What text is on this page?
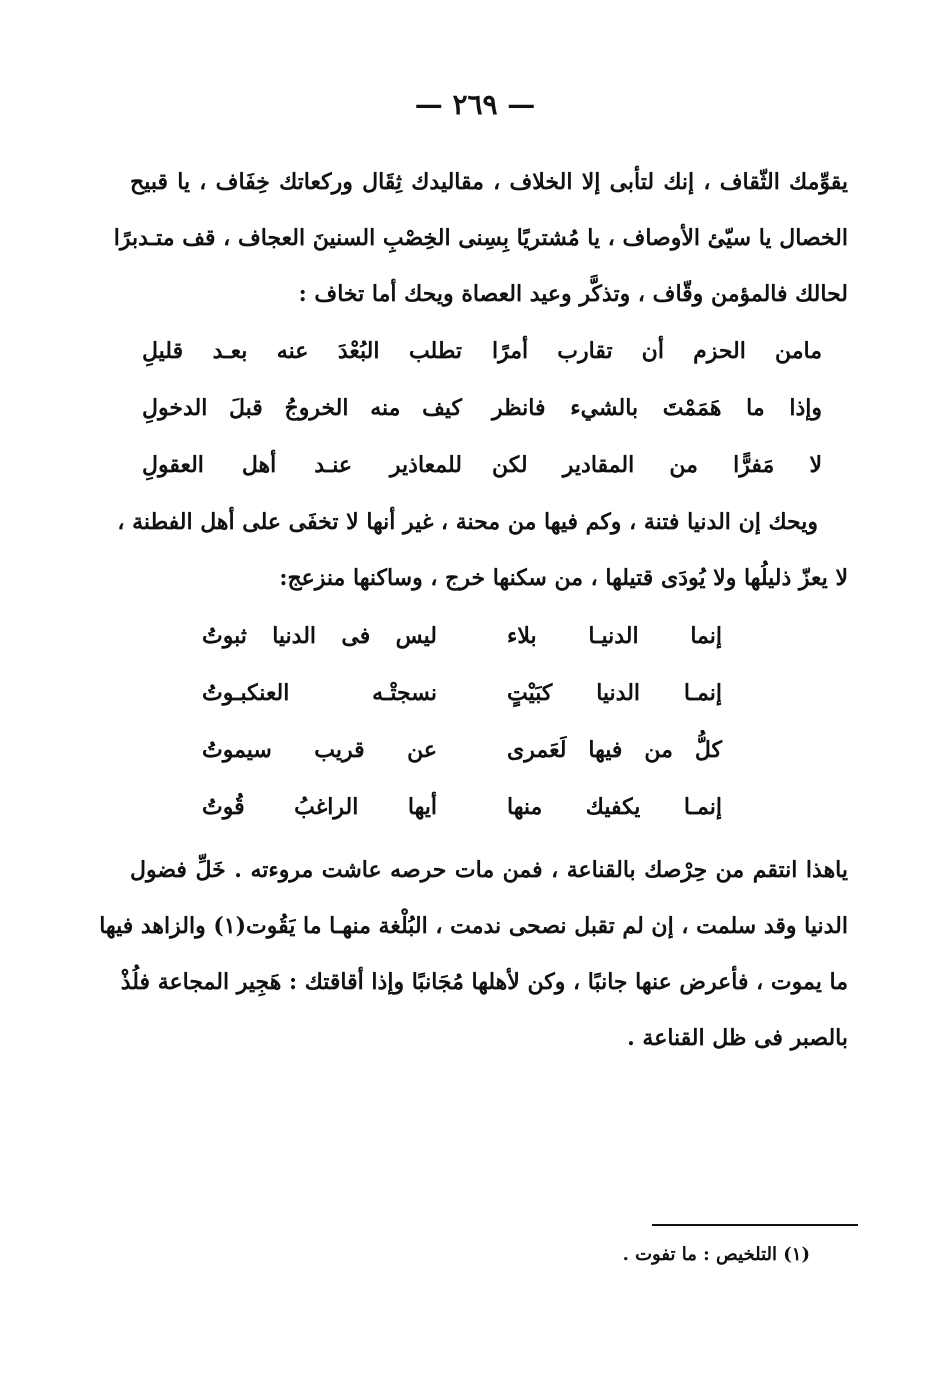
— ٢٦٩ —
يقوِّمك الثّقاف ، إنك لتأبى إلا الخلاف ، مقاليدك ثِقَال وركعاتك خِفَاف ، يا قبيح
الخصال يا سيّئ الأوصاف ، يا مُشتريًا بِسِنى الخِصْبِ السنينَ العجاف ، قف متـدبرًا
لحالك فالمؤمن وقّاف ، وتذكَّر وعيد العصاة ويحك أما تخاف :
مامن الحزم أن تقارب أمرًا
تطلب البُعْدَ عنه بعـد قليلِ
وإذا ما هَمَمْتَ بالشيء فانظر
كيف منه الخروجُ قبلَ الدخولِ
لا مَفرًّا من المقادير لكن
للمعاذير عنـد أهل العقولِ
ويحك إن الدنيا فتنة ، وكم فيها من محنة ، غير أنها لا تخفَى على أهل الفطنة ،
لا يعزّ ذليلُها ولا يُودَى قتيلها ، من سكنها خرج ، وساكنها منزعج:
إنما الدنيـا بلاء
ليس فى الدنيا ثبوتُ
إنمـا الدنيا كبَيْتٍ
نسجتْـه العنكبـوتُ
كلُّ من فيها لَعَمرى
عن قريب سيموتُ
إنمـا يكفيك منها
أيها الراغبُ قُوتُ
ياهذا انتقم من حِرْصك بالقناعة ، فمن مات حرصه عاشت مروءته . خَلِّ فضول
الدنيا وقد سلمت ، إن لم تقبل نصحى ندمت ، البُلْغة منهـا ما يَقُوت(١) والزاهد فيها
ما يموت ، فأعرض عنها جانبًا ، وكن لأهلها مُجَانبًا وإذا أقاقتك : هَجِير المجاعة فلُذْ
بالصبر فى ظل القناعة .
(١) التلخيص : ما تفوت .
